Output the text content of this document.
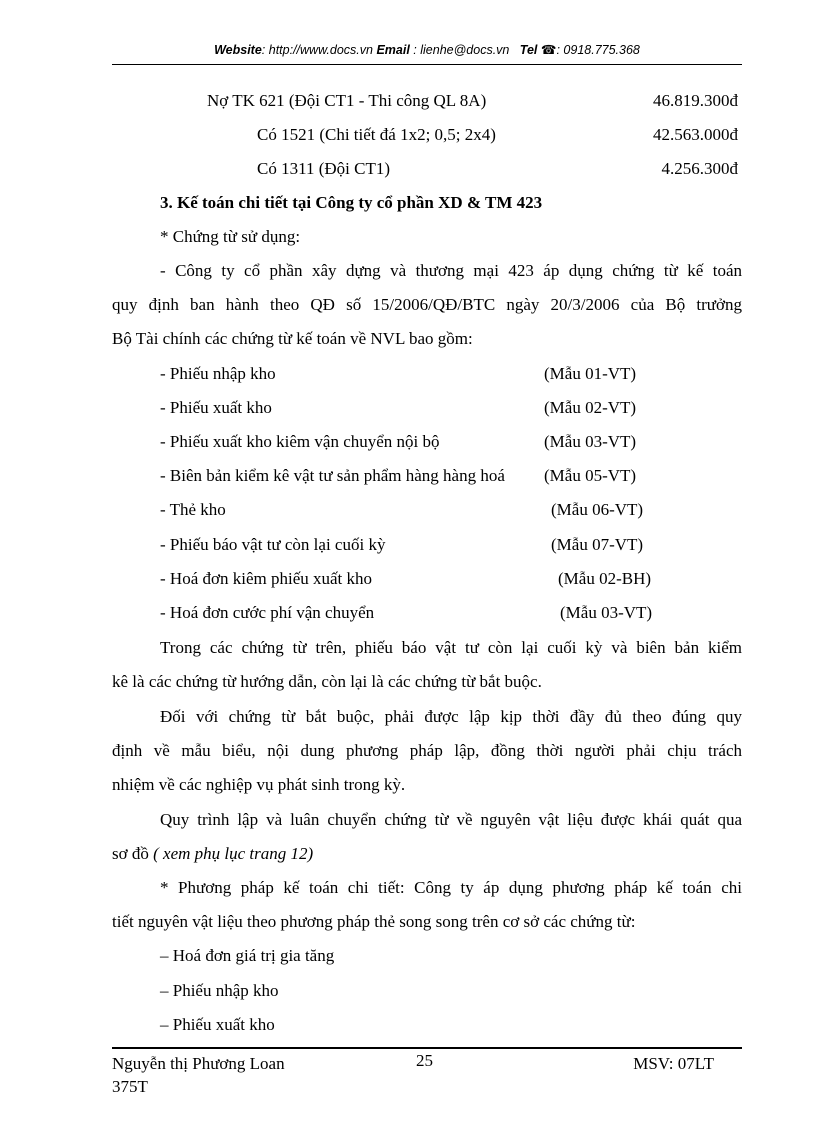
Website: http://www.docs.vn Email : lienhe@docs.vn Tel ☎: 0918.775.368
Nợ TK 621 (Đội CT1 - Thi công QL 8A)	46.819.300đ
Có 1521 (Chi tiết đá 1x2; 0,5; 2x4)	42.563.000đ
Có 1311 (Đội CT1)	4.256.300đ
3. Kế toán chi tiết tại Công ty cổ phần XD & TM 423
* Chứng từ sử dụng:
- Công ty cổ phần xây dựng và thương mại 423 áp dụng chứng từ kế toán
quy định ban hành theo QĐ số 15/2006/QĐ/BTC ngày 20/3/2006 của Bộ trưởng
Bộ Tài chính các chứng từ kế toán về NVL bao gồm:
- Phiếu nhập kho	(Mẫu 01-VT)
- Phiếu xuất kho	(Mẫu 02-VT)
- Phiếu xuất kho kiêm vận chuyển nội bộ	(Mẫu 03-VT)
- Biên bản kiểm kê vật tư sản phẩm hàng hàng hoá (Mẫu 05-VT)
- Thẻ kho	(Mẫu 06-VT)
- Phiếu báo vật tư còn lại cuối kỳ	(Mẫu 07-VT)
- Hoá đơn kiêm phiếu xuất kho	(Mẫu 02-BH)
- Hoá đơn cước phí vận chuyển	(Mẫu 03-VT)
Trong các chứng từ trên, phiếu báo vật tư còn lại cuối kỳ và biên bản kiểm
kê là các chứng từ hướng dẫn, còn lại là các chứng từ bắt buộc.
Đối với chứng từ bắt buộc, phải được lập kịp thời đầy đủ theo đúng quy
định về mẫu biểu, nội dung phương pháp lập, đồng thời người phải chịu trách
nhiệm về các nghiệp vụ phát sinh trong kỳ.
Quy trình lập và luân chuyển chứng từ về nguyên vật liệu được khái quát qua
sơ đồ ( xem phụ lục trang 12)
* Phương pháp kế toán chi tiết: Công ty áp dụng phương pháp kế toán chi
tiết nguyên vật liệu theo phương pháp thẻ song song trên cơ sở các chứng từ:
– Hoá đơn giá trị gia tăng
– Phiếu nhập kho
– Phiếu xuất kho
Nguyễn thị Phương Loan
375T
25	MSV: 07LT
